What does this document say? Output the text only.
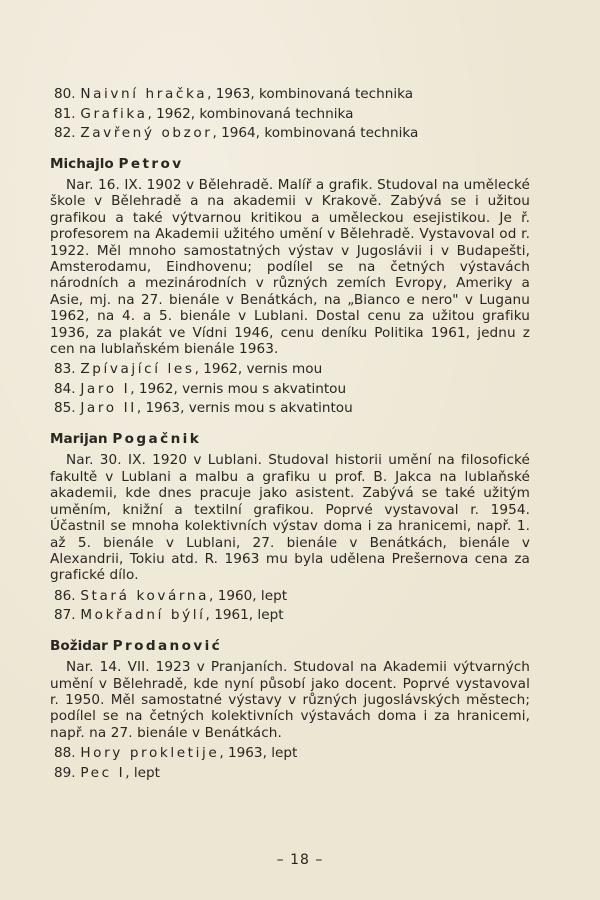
80. Naivní hračka, 1963, kombinovaná technika
81. Grafika, 1962, kombinovaná technika
82. Zavřený obzor, 1964, kombinovaná technika
Michajlo Petrov

Nar. 16. IX. 1902 v Bělehradě. Malíř a grafik. Studoval na umělecké škole v Bělehradě a na akademii v Krakově. Zabývá se i užitou grafikou a také výtvarnou kritikou a uměleckou esejistikou. Je ř. profesorem na Akademii užitého umění v Bělehradě. Vystavoval od r. 1922. Měl mnoho samostatných výstav v Jugoslávii i v Budapešti, Amsterodamu, Eindhovenu; podílel se na četných výstavách národních a mezinárodních v různých zemích Evropy, Ameriky a Asie, mj. na 27. bienále v Benátkách, na „Bianco e nero" v Luganu 1962, na 4. a 5. bienále v Lublani. Dostal cenu za užitou grafiku 1936, za plakát ve Vídni 1946, cenu deníku Politika 1961, jednu z cen na lublaňském bienále 1963.

83. Zpívající les, 1962, vernis mou
84. Jaro I, 1962, vernis mou s akvatintou
85. Jaro II, 1963, vernis mou s akvatintou
Marijan Pogačnik

Nar. 30. IX. 1920 v Lublani. Studoval historii umění na filosofické fakultě v Lublani a malbu a grafiku u prof. B. Jakca na lublaňské akademii, kde dnes pracuje jako asistent. Zabývá se také užitým uměním, knižní a textilní grafikou. Poprvé vystavoval r. 1954. Účastnil se mnoha kolektivních výstav doma i za hranicemi, např. 1. až 5. bienále v Lublani, 27. bienále v Benátkách, bienále v Alexandrii, Tokiu atd. R. 1963 mu byla udělena Prešernova cena za grafické dílo.

86. Stará kovárna, 1960, lept
87. Mokřadní býlí, 1961, lept
Božidar Prodanović

Nar. 14. VII. 1923 v Pranjaních. Studoval na Akademii výtvarných umění v Bělehradě, kde nyní působí jako docent. Poprvé vystavoval r. 1950. Měl samostatné výstavy v různých jugoslávských městech; podílel se na četných kolektivních výstavách doma i za hranicemi, např. na 27. bienále v Benátkách.

88. Hory prokletije, 1963, lept
89. Pec I, lept
– 18 –
